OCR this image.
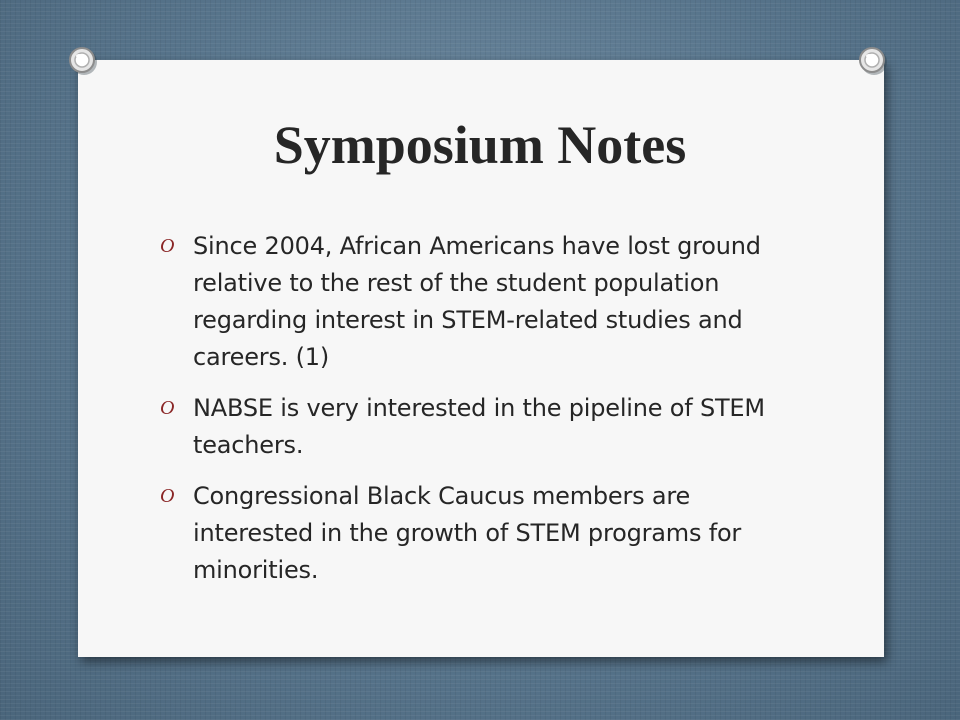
Symposium Notes
O Since 2004, African Americans have lost ground relative to the rest of the student population regarding interest in STEM-related studies and careers. (1)
O NABSE is very interested in the pipeline of STEM teachers.
O Congressional Black Caucus members are interested in the growth of STEM programs for minorities.
